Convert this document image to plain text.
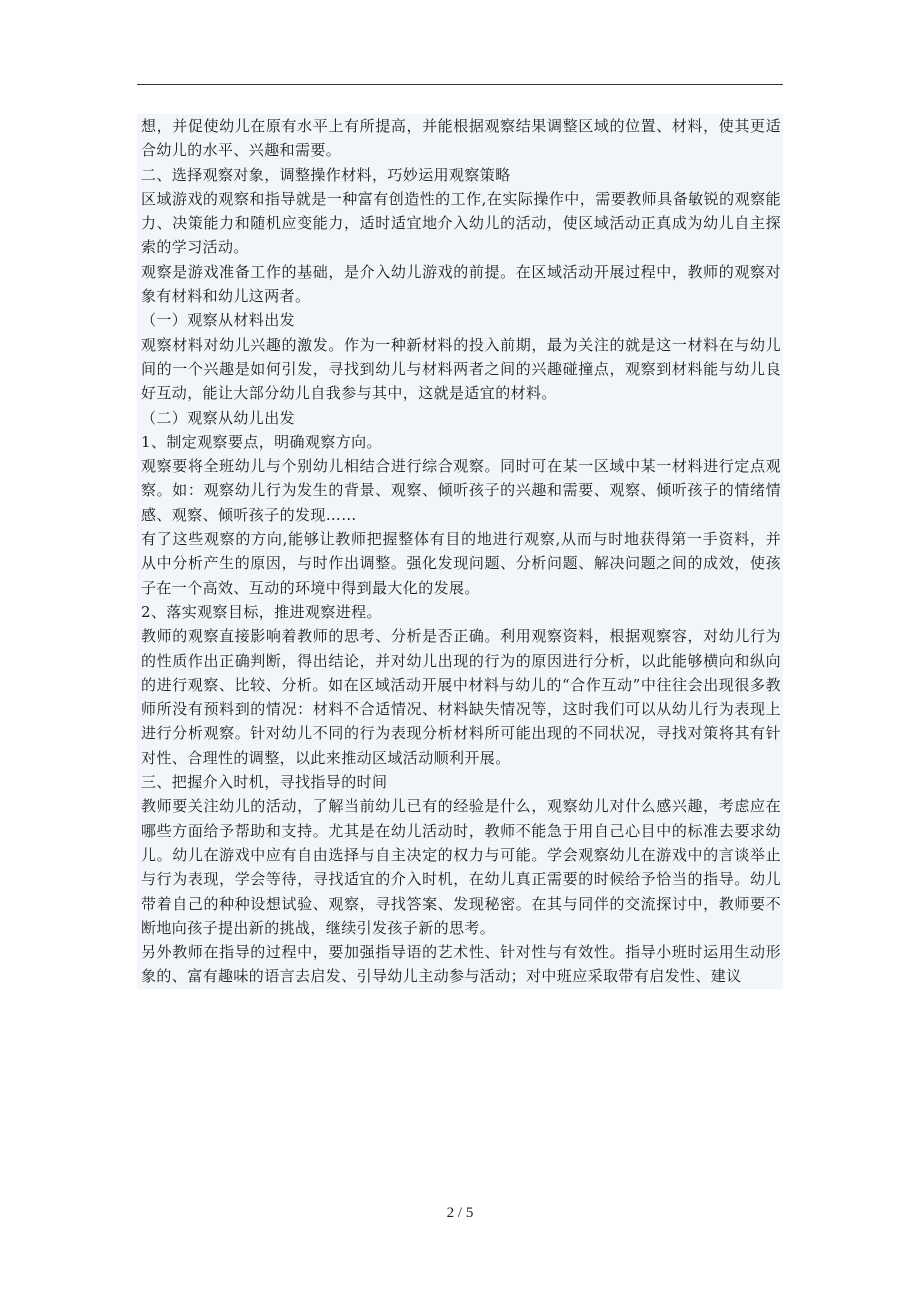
想，并促使幼儿在原有水平上有所提高，并能根据观察结果调整区域的位置、材料，使其更适合幼儿的水平、兴趣和需要。

二、选择观察对象，调整操作材料，巧妙运用观察策略

区域游戏的观察和指导就是一种富有创造性的工作,在实际操作中，需要教师具备敏锐的观察能力、决策能力和随机应变能力，适时适宜地介入幼儿的活动，使区域活动正真成为幼儿自主探索的学习活动。

观察是游戏准备工作的基础，是介入幼儿游戏的前提。在区域活动开展过程中，教师的观察对象有材料和幼儿这两者。

（一）观察从材料出发

观察材料对幼儿兴趣的激发。作为一种新材料的投入前期，最为关注的就是这一材料在与幼儿间的一个兴趣是如何引发，寻找到幼儿与材料两者之间的兴趣碰撞点，观察到材料能与幼儿良好互动，能让大部分幼儿自我参与其中，这就是适宜的材料。

（二）观察从幼儿出发

1、制定观察要点，明确观察方向。

观察要将全班幼儿与个别幼儿相结合进行综合观察。同时可在某一区域中某一材料进行定点观察。如：观察幼儿行为发生的背景、观察、倾听孩子的兴趣和需要、观察、倾听孩子的情绪情感、观察、倾听孩子的发现……

有了这些观察的方向,能够让教师把握整体有目的地进行观察,从而与时地获得第一手资料，并从中分析产生的原因，与时作出调整。强化发现问题、分析问题、解决问题之间的成效，使孩子在一个高效、互动的环境中得到最大化的发展。

2、落实观察目标，推进观察进程。

教师的观察直接影响着教师的思考、分析是否正确。利用观察资料，根据观察容，对幼儿行为的性质作出正确判断，得出结论，并对幼儿出现的行为的原因进行分析，以此能够横向和纵向的进行观察、比较、分析。如在区域活动开展中材料与幼儿的“合作互动”中往往会出现很多教师所没有预料到的情况：材料不合适情况、材料缺失情况等，这时我们可以从幼儿行为表现上进行分析观察。针对幼儿不同的行为表现分析材料所可能出现的不同状况，寻找对策将其有针对性、合理性的调整，以此来推动区域活动顺利开展。

三、把握介入时机，寻找指导的时间

教师要关注幼儿的活动，了解当前幼儿已有的经验是什么，观察幼儿对什么感兴趣，考虑应在哪些方面给予帮助和支持。尤其是在幼儿活动时，教师不能急于用自己心目中的标准去要求幼儿。幼儿在游戏中应有自由选择与自主决定的权力与可能。学会观察幼儿在游戏中的言谈举止与行为表现，学会等待，寻找适宜的介入时机，在幼儿真正需要的时候给予恰当的指导。幼儿带着自己的种种设想试验、观察，寻找答案、发现秘密。在其与同伴的交流探讨中，教师要不断地向孩子提出新的挑战，继续引发孩子新的思考。

另外教师在指导的过程中，要加强指导语的艺术性、针对性与有效性。指导小班时运用生动形象的、富有趣味的语言去启发、引导幼儿主动参与活动；对中班应采取带有启发性、建议

2 / 5
